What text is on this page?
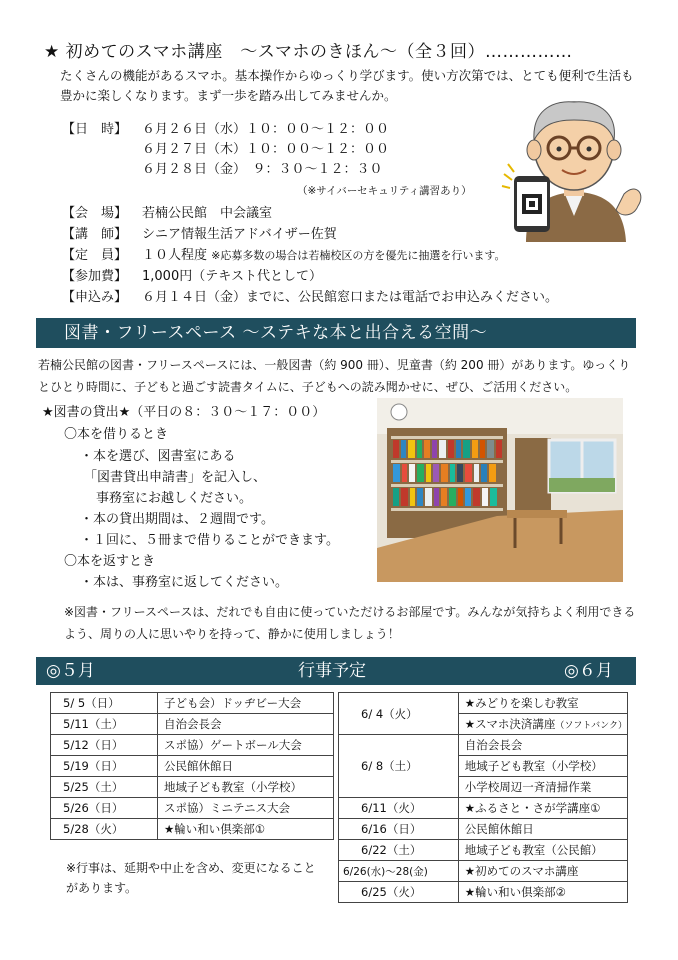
★ 初めてのスマホ講座　～スマホのきほん～（全３回）……………
たくさんの機能があるスマホ。基本操作からゆっくり学びます。使い方次第では、とても便利で生活も豊かに楽しくなります。まず一歩を踏み出してみませんか。
【日　時】 ６月２６日（水）１０：００～１２：００
６月２７日（木）１０：００～１２：００
６月２８日（金）　９：３０～１２：３０
（※サイバーセキュリティ講習あり）
【会　場】 若楠公民館　中会議室
【講　師】 シニア情報生活アドバイザー佐賀
【定　員】 １０人程度 ※応募多数の場合は若楠校区の方を優先に抽選を行います。
【参加費】 1,000円（テキスト代として）
【申込み】 ６月１４日（金）までに、公民館窓口または電話でお申込みください。
図書・フリースペース ～ステキな本と出合える空間～
若楠公民館の図書・フリースペースには、一般図書（約 900 冊）、児童書（約 200 冊）があります。ゆっくりとひとり時間に、子どもと過ごす読書タイムに、子どもへの読み聞かせに、ぜひ、ご活用ください。
★図書の貸出★（平日の８：３０～１７：００）
〇本を借りるとき
・本を選び、図書室にある
「図書貸出申請書」を記入し、
事務室にお越しください。
・本の貸出期間は、２週間です。
・１回に、５冊まで借りることができます。
〇本を返すとき
・本は、事務室に返してください。
※図書・フリースペースは、だれでも自由に使っていただけるお部屋です。みんなが気持ちよく利用できるよう、周りの人に思いやりを持って、静かに使用しましょう！
◎５月	行事予定	◎６月
5/ 5（日）	子ども会）ドッヂビー大会
5/11（土）	自治会長会
5/12（日）	スポ協）ゲートボール大会
5/19（日）	公民館休館日
5/25（土）	地域子ども教室（小学校）
5/26（日）	スポ協）ミニテニス大会
5/28（火）	★輪い和い倶楽部①
※行事は、延期や中止を含め、変更になることがあります。
6/ 4（火）	★みどりを楽しむ教室
	★スマホ決済講座（ソフトバンク）
6/ 8（土）	自治会長会
	地域子ども教室（小学校）
	小学校周辺一斉清掃作業
6/11（火）	★ふるさと・さが学講座①
6/16（日）	公民館休館日
6/22（土）	地域子ども教室（公民館）
6/26(水)～28(金)	★初めてのスマホ講座
6/25（火）	★輪い和い倶楽部②
